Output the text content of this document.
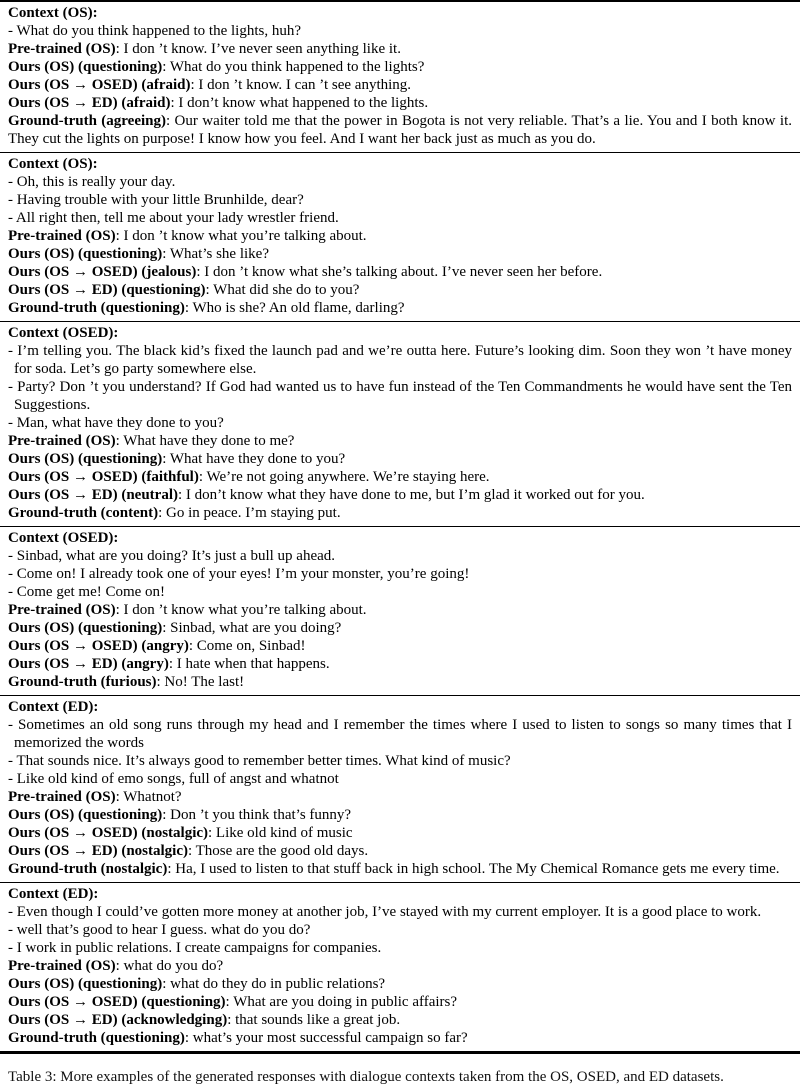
Context (OS):
- What do you think happened to the lights, huh?
Pre-trained (OS): I don ’t know. I’ve never seen anything like it.
Ours (OS) (questioning): What do you think happened to the lights?
Ours (OS → OSED) (afraid): I don ’t know. I can ’t see anything.
Ours (OS → ED) (afraid): I don’t know what happened to the lights.
Ground-truth (agreeing): Our waiter told me that the power in Bogota is not very reliable. That’s a lie. You and I both know it. They cut the lights on purpose! I know how you feel. And I want her back just as much as you do.
Context (OS):
- Oh, this is really your day.
- Having trouble with your little Brunhilde, dear?
- All right then, tell me about your lady wrestler friend.
Pre-trained (OS): I don ’t know what you’re talking about.
Ours (OS) (questioning): What’s she like?
Ours (OS → OSED) (jealous): I don ’t know what she’s talking about. I’ve never seen her before.
Ours (OS → ED) (questioning): What did she do to you?
Ground-truth (questioning): Who is she? An old flame, darling?
Context (OSED):
- I’m telling you. The black kid’s fixed the launch pad and we’re outta here. Future’s looking dim. Soon they won ’t have money for soda. Let’s go party somewhere else.
- Party? Don ’t you understand? If God had wanted us to have fun instead of the Ten Commandments he would have sent the Ten Suggestions.
- Man, what have they done to you?
Pre-trained (OS): What have they done to me?
Ours (OS) (questioning): What have they done to you?
Ours (OS → OSED) (faithful): We’re not going anywhere. We’re staying here.
Ours (OS → ED) (neutral): I don’t know what they have done to me, but I’m glad it worked out for you.
Ground-truth (content): Go in peace. I’m staying put.
Context (OSED):
- Sinbad, what are you doing? It’s just a bull up ahead.
- Come on! I already took one of your eyes! I’m your monster, you’re going!
- Come get me! Come on!
Pre-trained (OS): I don ’t know what you’re talking about.
Ours (OS) (questioning): Sinbad, what are you doing?
Ours (OS → OSED) (angry): Come on, Sinbad!
Ours (OS → ED) (angry): I hate when that happens.
Ground-truth (furious): No! The last!
Context (ED):
- Sometimes an old song runs through my head and I remember the times where I used to listen to songs so many times that I memorized the words
- That sounds nice. It’s always good to remember better times. What kind of music?
- Like old kind of emo songs, full of angst and whatnot
Pre-trained (OS): Whatnot?
Ours (OS) (questioning): Don ’t you think that’s funny?
Ours (OS → OSED) (nostalgic): Like old kind of music
Ours (OS → ED) (nostalgic): Those are the good old days.
Ground-truth (nostalgic): Ha, I used to listen to that stuff back in high school. The My Chemical Romance gets me every time.
Context (ED):
- Even though I could’ve gotten more money at another job, I’ve stayed with my current employer. It is a good place to work.
- well that’s good to hear I guess. what do you do?
- I work in public relations. I create campaigns for companies.
Pre-trained (OS): what do you do?
Ours (OS) (questioning): what do they do in public relations?
Ours (OS → OSED) (questioning): What are you doing in public affairs?
Ours (OS → ED) (acknowledging): that sounds like a great job.
Ground-truth (questioning): what’s your most successful campaign so far?
Table 3: More examples of the generated responses with dialogue contexts taken from the OS, OSED, and ED datasets.
